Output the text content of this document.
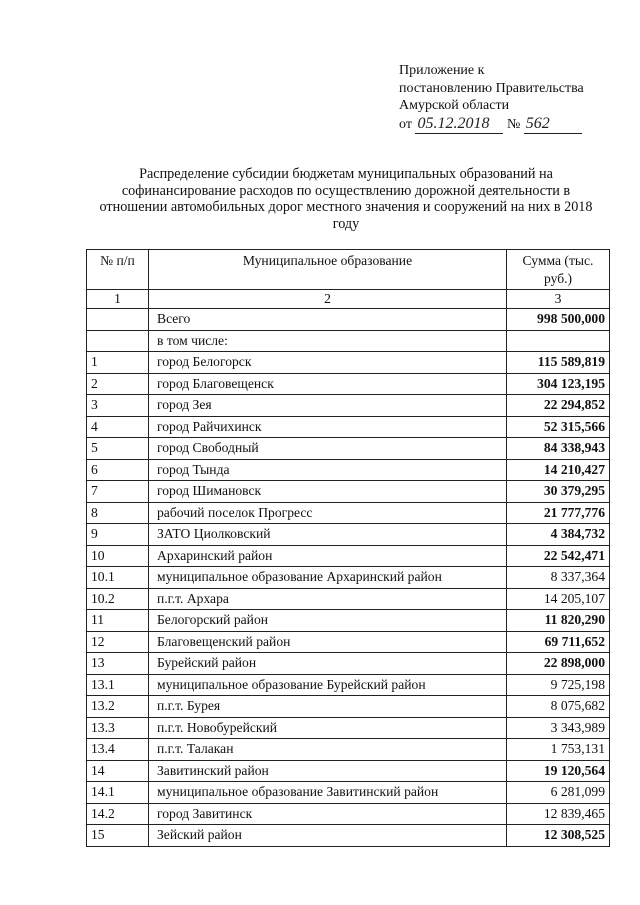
Приложение к
постановлению Правительства
Амурской области
от 05.12.2018 № 562
Распределение субсидии бюджетам муниципальных образований на софинансирование расходов по осуществлению дорожной деятельности в отношении автомобильных дорог местного значения и сооружений на них в 2018 году
№ п/п	Муниципальное образование	Сумма (тыс. руб.)
1	2	3
	Всего	998 500,000
	в том числе:	
1	город Белогорск	115 589,819
2	город Благовещенск	304 123,195
3	город Зея	22 294,852
4	город Райчихинск	52 315,566
5	город Свободный	84 338,943
6	город Тында	14 210,427
7	город Шимановск	30 379,295
8	рабочий поселок Прогресс	21 777,776
9	ЗАТО Циолковский	4 384,732
10	Архаринский район	22 542,471
10.1	муниципальное образование Архаринский район	8 337,364
10.2	п.г.т. Архара	14 205,107
11	Белогорский район	11 820,290
12	Благовещенский район	69 711,652
13	Бурейский район	22 898,000
13.1	муниципальное образование Бурейский район	9 725,198
13.2	п.г.т. Бурея	8 075,682
13.3	п.г.т. Новобурейский	3 343,989
13.4	п.г.т. Талакан	1 753,131
14	Завитинский район	19 120,564
14.1	муниципальное образование Завитинский район	6 281,099
14.2	город Завитинск	12 839,465
15	Зейский район	12 308,525
